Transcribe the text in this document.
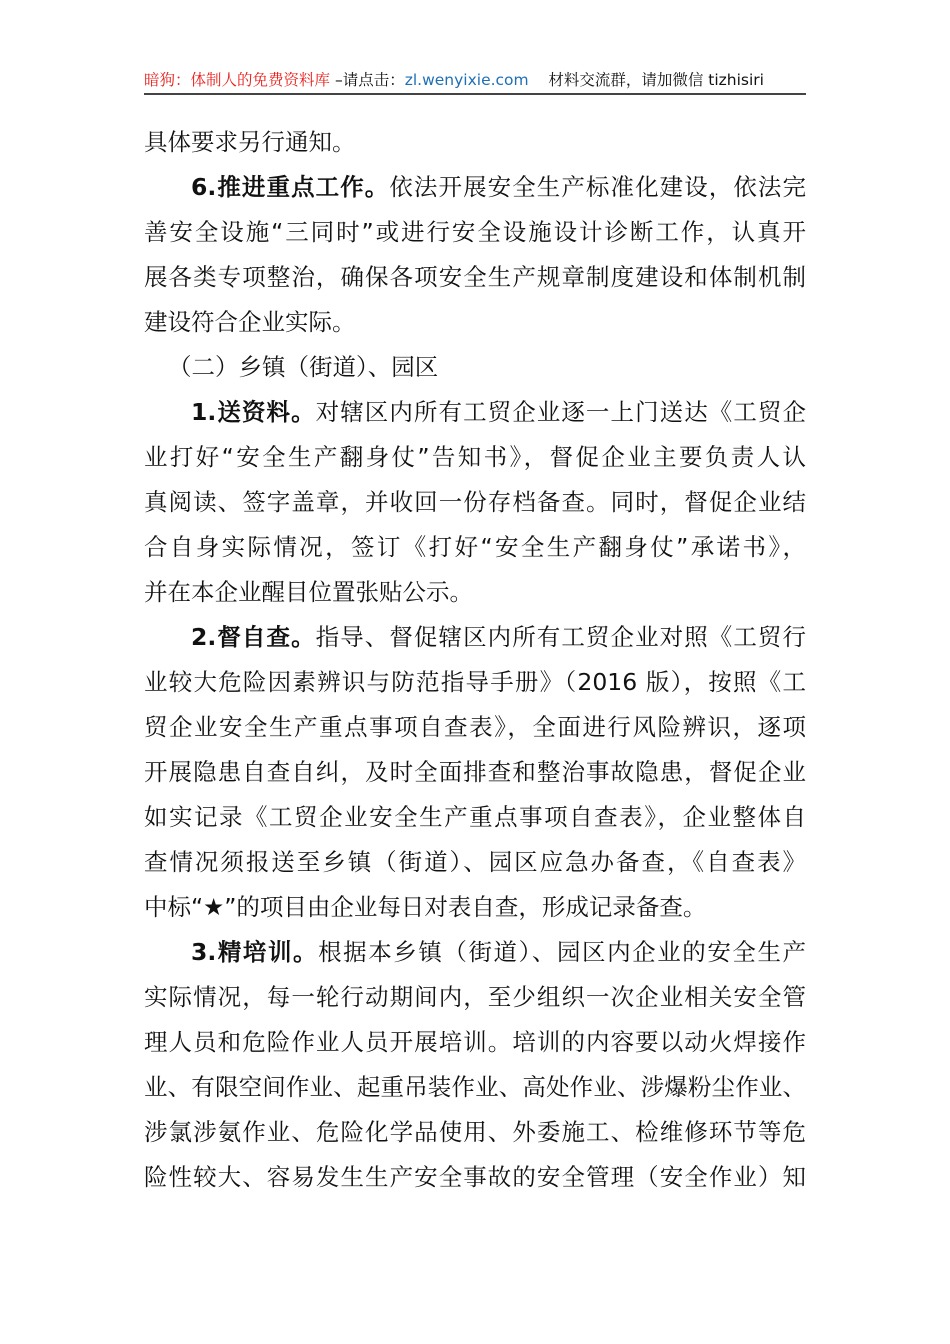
暗狗：体制人的免费资料库 –请点击：zl.wenyixie.com    材料交流群，请加微信 tizhisiri
具体要求另行通知。
6.推进重点工作。依法开展安全生产标准化建设，依法完
善安全设施“三同时”或进行安全设施设计诊断工作，认真开
展各类专项整治，确保各项安全生产规章制度建设和体制机制
建设符合企业实际。
（二）乡镇（街道）、园区
1.送资料。对辖区内所有工贸企业逐一上门送达《工贸企
业打好“安全生产翻身仗”告知书》，督促企业主要负责人认
真阅读、签字盖章，并收回一份存档备查。同时，督促企业结
合自身实际情况，签订《打好“安全生产翻身仗”承诺书》，
并在本企业醒目位置张贴公示。
2.督自查。指导、督促辖区内所有工贸企业对照《工贸行
业较大危险因素辨识与防范指导手册》（2016 版），按照《工
贸企业安全生产重点事项自查表》，全面进行风险辨识，逐项
开展隐患自查自纠，及时全面排查和整治事故隐患，督促企业
如实记录《工贸企业安全生产重点事项自查表》，企业整体自
查情况须报送至乡镇（街道）、园区应急办备查，《自查表》
中标“★”的项目由企业每日对表自查，形成记录备查。
3.精培训。根据本乡镇（街道）、园区内企业的安全生产
实际情况，每一轮行动期间内，至少组织一次企业相关安全管
理人员和危险作业人员开展培训。培训的内容要以动火焊接作
业、有限空间作业、起重吊装作业、高处作业、涉爆粉尘作业、
涉氯涉氨作业、危险化学品使用、外委施工、检维修环节等危
险性较大、容易发生生产安全事故的安全管理（安全作业）知
